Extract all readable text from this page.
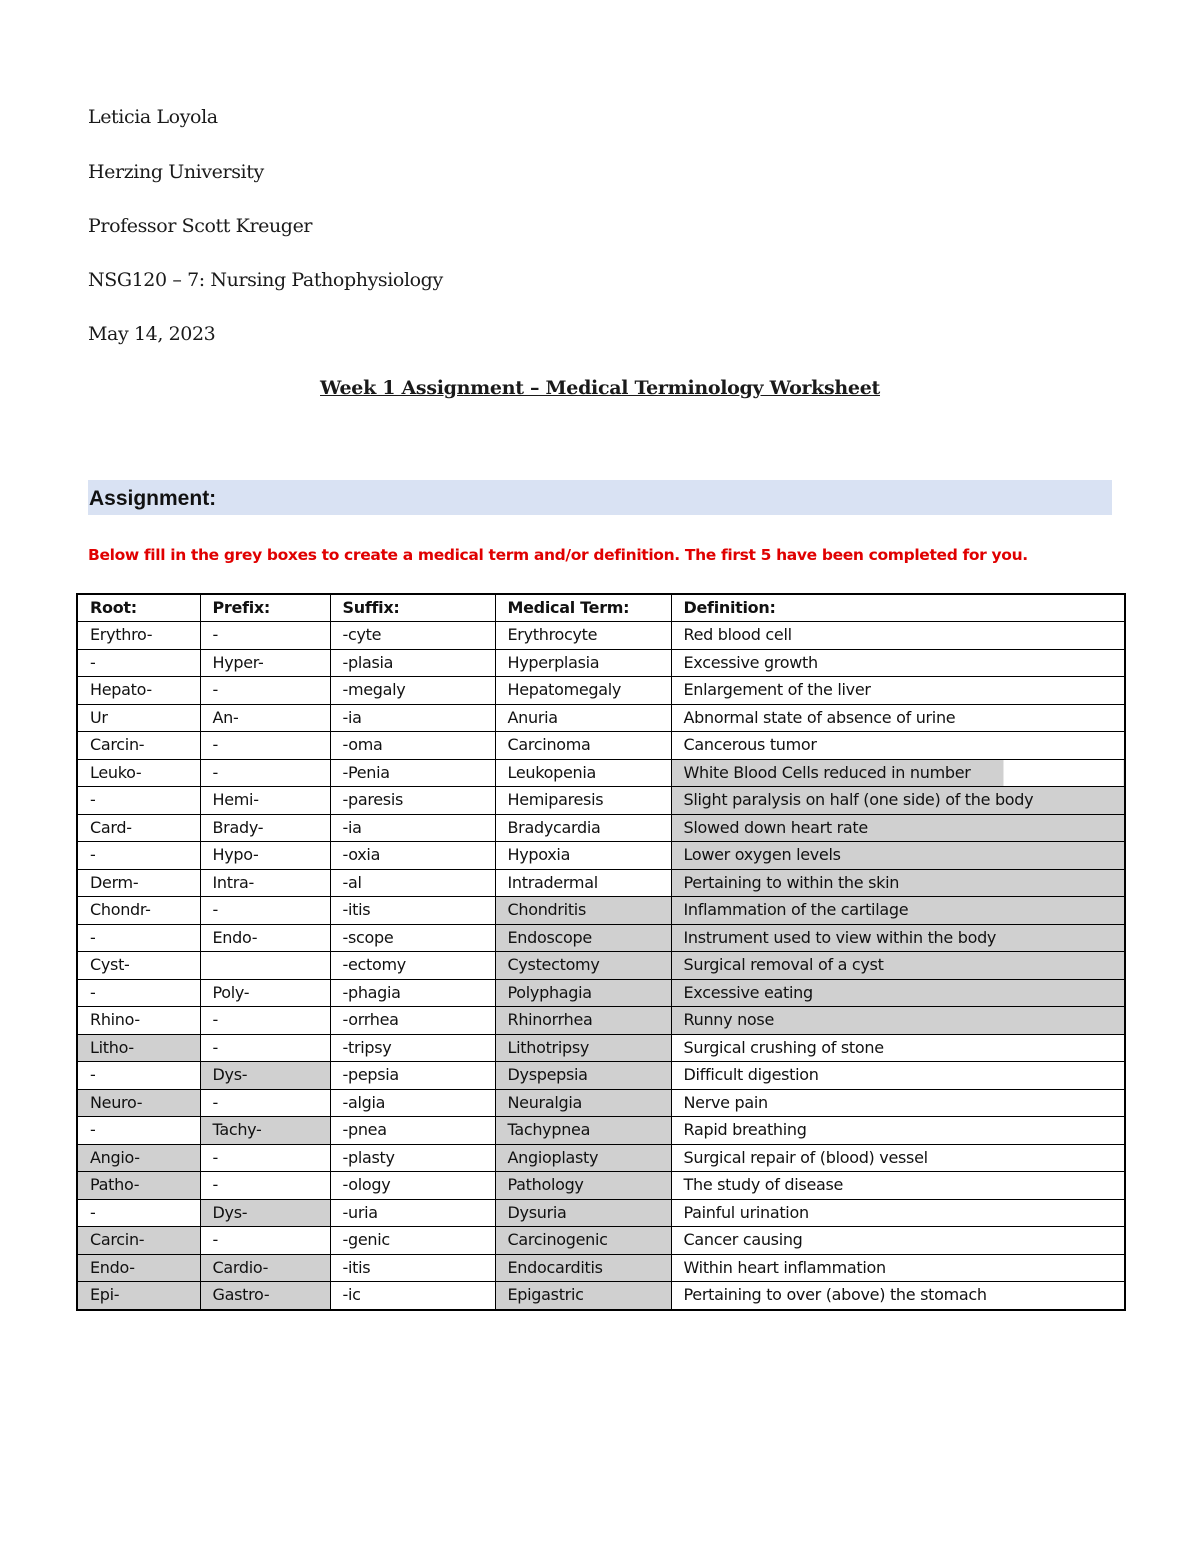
Leticia Loyola
Herzing University
Professor Scott Kreuger
NSG120 – 7: Nursing Pathophysiology
May 14, 2023
Week 1 Assignment – Medical Terminology Worksheet
Assignment:
Below fill in the grey boxes to create a medical term and/or definition. The first 5 have been completed for you.
Root:	Prefix:	Suffix:	Medical Term:	Definition:
Erythro-	-	-cyte	Erythrocyte	Red blood cell
-	Hyper-	-plasia	Hyperplasia	Excessive growth
Hepato-	-	-megaly	Hepatomegaly	Enlargement of the liver
Ur	An-	-ia	Anuria	Abnormal state of absence of urine
Carcin-	-	-oma	Carcinoma	Cancerous tumor
Leuko-	-	-Penia	Leukopenia	White Blood Cells reduced in number
-	Hemi-	-paresis	Hemiparesis	Slight paralysis on half (one side) of the body
Card-	Brady-	-ia	Bradycardia	Slowed down heart rate
-	Hypo-	-oxia	Hypoxia	Lower oxygen levels
Derm-	Intra-	-al	Intradermal	Pertaining to within the skin
Chondr-	-	-itis	Chondritis	Inflammation of the cartilage
-	Endo-	-scope	Endoscope	Instrument used to view within the body
Cyst-		-ectomy	Cystectomy	Surgical removal of a cyst
-	Poly-	-phagia	Polyphagia	Excessive eating
Rhino-	-	-orrhea	Rhinorrhea	Runny nose
Litho-	-	-tripsy	Lithotripsy	Surgical crushing of stone
-	Dys-	-pepsia	Dyspepsia	Difficult digestion
Neuro-	-	-algia	Neuralgia	Nerve pain
-	Tachy-	-pnea	Tachypnea	Rapid breathing
Angio-	-	-plasty	Angioplasty	Surgical repair of (blood) vessel
Patho-	-	-ology	Pathology	The study of disease
-	Dys-	-uria	Dysuria	Painful urination
Carcin-	-	-genic	Carcinogenic	Cancer causing
Endo-	Cardio-	-itis	Endocarditis	Within heart inflammation
Epi-	Gastro-	-ic	Epigastric	Pertaining to over (above) the stomach
